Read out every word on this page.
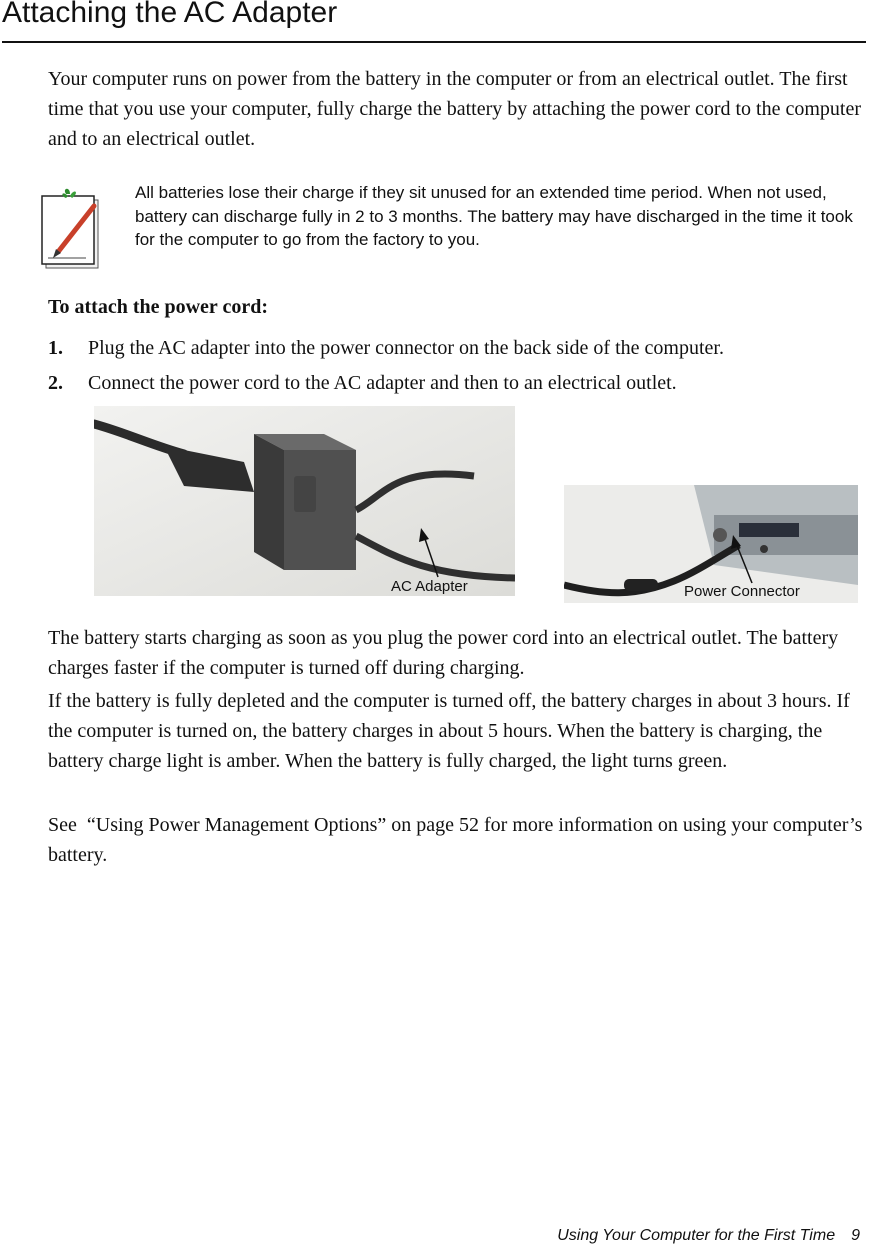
Attaching the AC Adapter

Your computer runs on power from the battery in the computer or from an electrical outlet. The first time that you use your computer, fully charge the battery by attaching the power cord to the computer and to an electrical outlet.

All batteries lose their charge if they sit unused for an extended time period. When not used, battery can discharge fully in 2 to 3 months. The battery may have discharged in the time it took for the computer to go from the factory to you.
To attach the power cord:
1. Plug the AC adapter into the power connector on the back side of the computer.
2. Connect the power cord to the AC adapter and then to an electrical outlet.
AC Adapter	Power Connector

The battery starts charging as soon as you plug the power cord into an electrical outlet. The battery charges faster if the computer is turned off during charging.

If the battery is fully depleted and the computer is turned off, the battery charges in about 3 hours. If the computer is turned on, the battery charges in about 5 hours. When the battery is charging, the battery charge light is amber. When the battery is fully charged, the light turns green.

See  “Using Power Management Options” on page 52 for more information on using your computer’s battery.

Using Your Computer for the First Time 9
